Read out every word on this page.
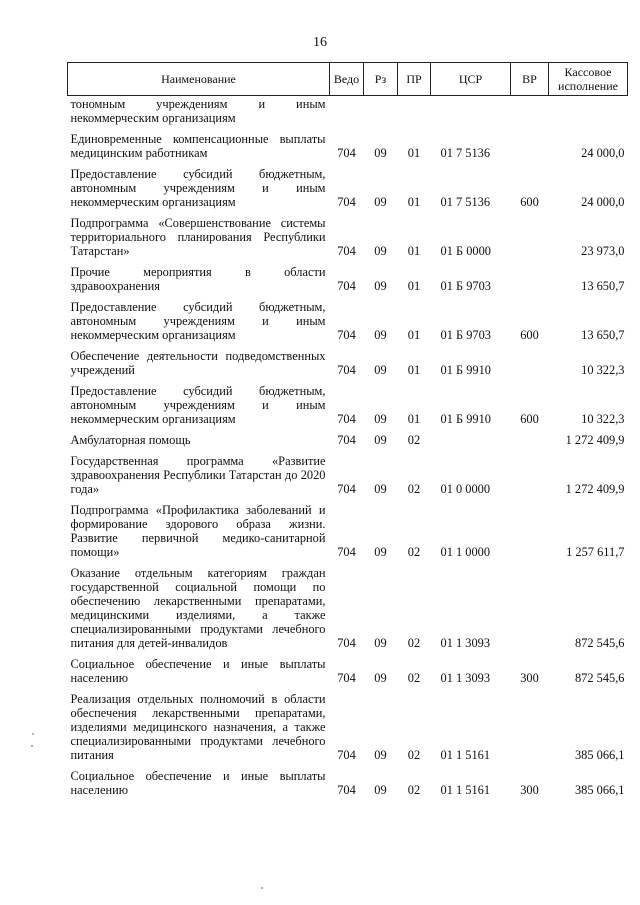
16
Наименование	Ведо	Рз	ПР	ЦСР	ВР	Кассовое исполнение
тономным учреждениям и иным некоммерческим организациям						
Единовременные компенсационные выплаты медицинским работникам	704	09	01	01 7 5136		24 000,0
Предоставление субсидий бюджетным, автономным учреждениям и иным некоммерческим организациям	704	09	01	01 7 5136	600	24 000,0
Подпрограмма «Совершенствование системы территориального планирования Республики Татарстан»	704	09	01	01 Б 0000		23 973,0
Прочие мероприятия в области здравоохранения	704	09	01	01 Б 9703		13 650,7
Предоставление субсидий бюджетным, автономным учреждениям и иным некоммерческим организациям	704	09	01	01 Б 9703	600	13 650,7
Обеспечение деятельности подведомственных учреждений	704	09	01	01 Б 9910		10 322,3
Предоставление субсидий бюджетным, автономным учреждениям и иным некоммерческим организациям	704	09	01	01 Б 9910	600	10 322,3
Амбулаторная помощь	704	09	02			1 272 409,9
Государственная программа «Развитие здравоохранения Республики Татарстан до 2020 года»	704	09	02	01 0 0000		1 272 409,9
Подпрограмма «Профилактика заболеваний и формирование здорового образа жизни. Развитие первичной медико-санитарной помощи»	704	09	02	01 1 0000		1 257 611,7
Оказание отдельным категориям граждан государственной социальной помощи по обеспечению лекарственными препаратами, медицинскими изделиями, а также специализированными продуктами лечебного питания для детей-инвалидов	704	09	02	01 1 3093		872 545,6
Социальное обеспечение и иные выплаты населению	704	09	02	01 1 3093	300	872 545,6
Реализация отдельных полномочий в области обеспечения лекарственными препаратами, изделиями медицинского назначения, а также специализированными продуктами лечебного питания	704	09	02	01 1 5161		385 066,1
Социальное обеспечение и иные выплаты населению	704	09	02	01 1 5161	300	385 066,1
